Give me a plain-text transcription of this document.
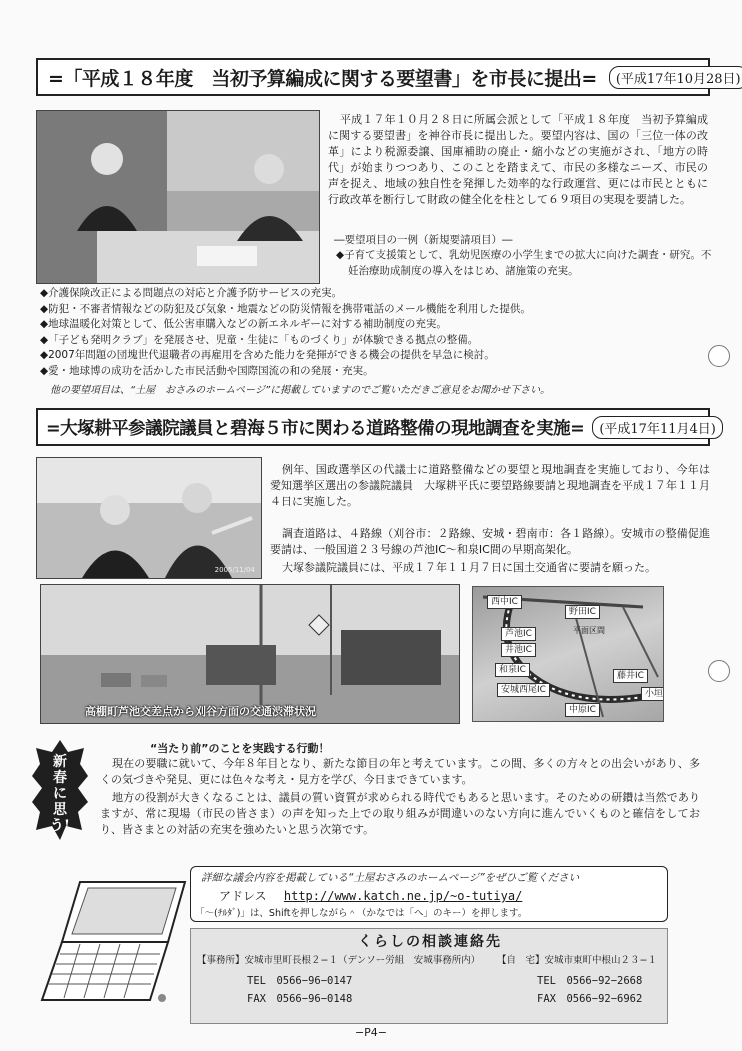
=「平成１８年度　当初予算編成に関する要望書」を市長に提出=	(平成17年10月28日)
平成１７年１０月２８日に所属会派として「平成１８年度　当初予算編成に関する要望書」を神谷市長に提出した。要望内容は、国の「三位一体の改革」により税源委譲、国庫補助の廃止・縮小などの実施がされ、「地方の時代」が始まりつつあり、このことを踏まえて、市民の多様なニーズ、市民の声を捉え、地域の独自性を発揮した効率的な行政運営、更には市民とともに行政改革を断行して財政の健全化を柱として６９項目の実現を要請した。
―要望項目の一例（新規要請項目）―
◆子育て支援策として、乳幼児医療の小学生までの拡大に向けた調査・研究。不妊治療助成制度の導入をはじめ、諸施策の充実。
◆介護保険改正による問題点の対応と介護予防サービスの充実。
◆防犯・不審者情報などの防犯及び気象・地震などの防災情報を携帯電話のメール機能を利用した提供。
◆地球温暖化対策として、低公害車購入などの新エネルギーに対する補助制度の充実。
◆「子ども発明クラブ」を発展させ、児童・生徒に「ものづくり」が体験できる拠点の整備。
◆2007年問題の団塊世代退職者の再雇用を含めた能力を発揮ができる機会の提供を早急に検討。
◆愛・地球博の成功を活かした市民活動や国際国流の和の発展・充実。
他の要望項目は、“土屋　おさみのホームページ”に掲載していますのでご覧いただきご意見をお聞かせ下さい。
=大塚耕平参議院議員と碧海５市に関わる道路整備の現地調査を実施=	(平成17年11月4日)
2005/11/04
例年、国政選挙区の代議士に道路整備などの要望と現地調査を実施しており、今年は愛知選挙区選出の参議院議員　大塚耕平氏に要望路線要請と現地調査を平成１７年１１月４日に実施した。
調査道路は、４路線（刈谷市：２路線、安城・碧南市：各１路線）。安城市の整備促進要請は、一般国道２３号線の芦池IC～和泉IC間の早期高架化。
大塚参議院議員には、平成１７年１１月７日に国土交通省に要請を願った。
高棚町芦池交差点から刈谷方面の交通渋滞状況
西中IC
野田IC
芦池IC
井池IC
和泉IC
安城西尾IC
中原IC
藤井IC
小垣
平面区間
新春に思う!
“当たり前”のことを実践する行動！
現在の要職に就いて、今年８年目となり、新たな節目の年と考えています。この間、多くの方々との出会いがあり、多くの気づきや発見、更には色々な考え・見方を学び、今日まできています。
地方の役割が大きくなることは、議員の質い資質が求められる時代でもあると思います。そのための研鑽は当然でありますが、常に現場（市民の皆さま）の声を知った上での取り組みが間違いのない方向に進んでいくものと確信をしており、皆さまとの対話の充実を強めたいと思う次第です。
詳細な議会内容を掲載している“土屋おさみのホームページ”をぜひご覧ください
アドレス http://www.katch.ne.jp/~o-tutiya/
「～(ﾁﾙﾀﾞ)」は、Shiftを押しながら＾（かなでは「へ」のキー）を押します。
くらしの相談連絡先
【事務所】安城市里町長根２−１（デンソー労組　安城事務所内） 【自　宅】安城市東町中根山２３−１
TEL　0566−96−0147
FAX　0566−96−0148
TEL　0566−92−2668
FAX　0566−92−6962
−P4−
